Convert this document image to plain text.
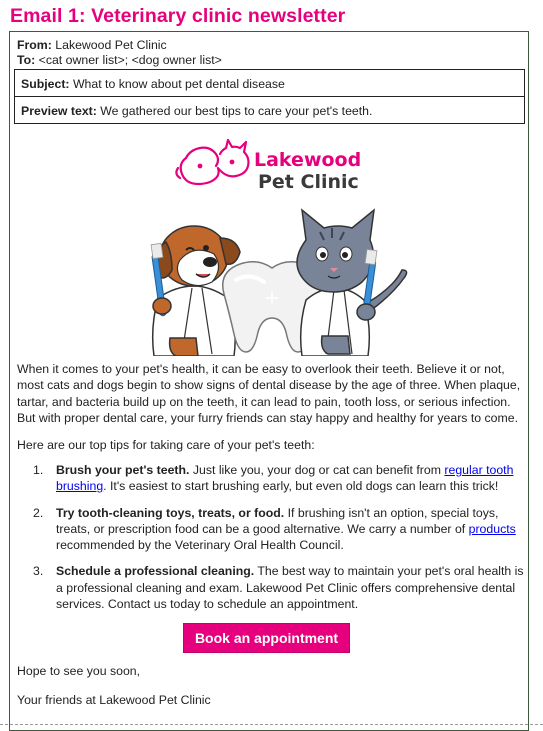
Email 1: Veterinary clinic newsletter
From: Lakewood Pet Clinic
To: <cat owner list>; <dog owner list>
Subject: What to know about pet dental disease
Preview text: We gathered our best tips to care your pet's teeth.
Lakewood
Pet Clinic
When it comes to your pet's health, it can be easy to overlook their teeth. Believe it or not, most cats and dogs begin to show signs of dental disease by the age of three. When plaque, tartar, and bacteria build up on the teeth, it can lead to pain, tooth loss, or serious infection. But with proper dental care, your furry friends can stay happy and healthy for years to come.
Here are our top tips for taking care of your pet's teeth:
1. Brush your pet's teeth. Just like you, your dog or cat can benefit from regular tooth brushing. It's easiest to start brushing early, but even old dogs can learn this trick!
2. Try tooth-cleaning toys, treats, or food. If brushing isn't an option, special toys, treats, or prescription food can be a good alternative. We carry a number of products recommended by the Veterinary Oral Health Council.
3. Schedule a professional cleaning. The best way to maintain your pet's oral health is a professional cleaning and exam. Lakewood Pet Clinic offers comprehensive dental services. Contact us today to schedule an appointment.
Book an appointment
Hope to see you soon,
Your friends at Lakewood Pet Clinic
